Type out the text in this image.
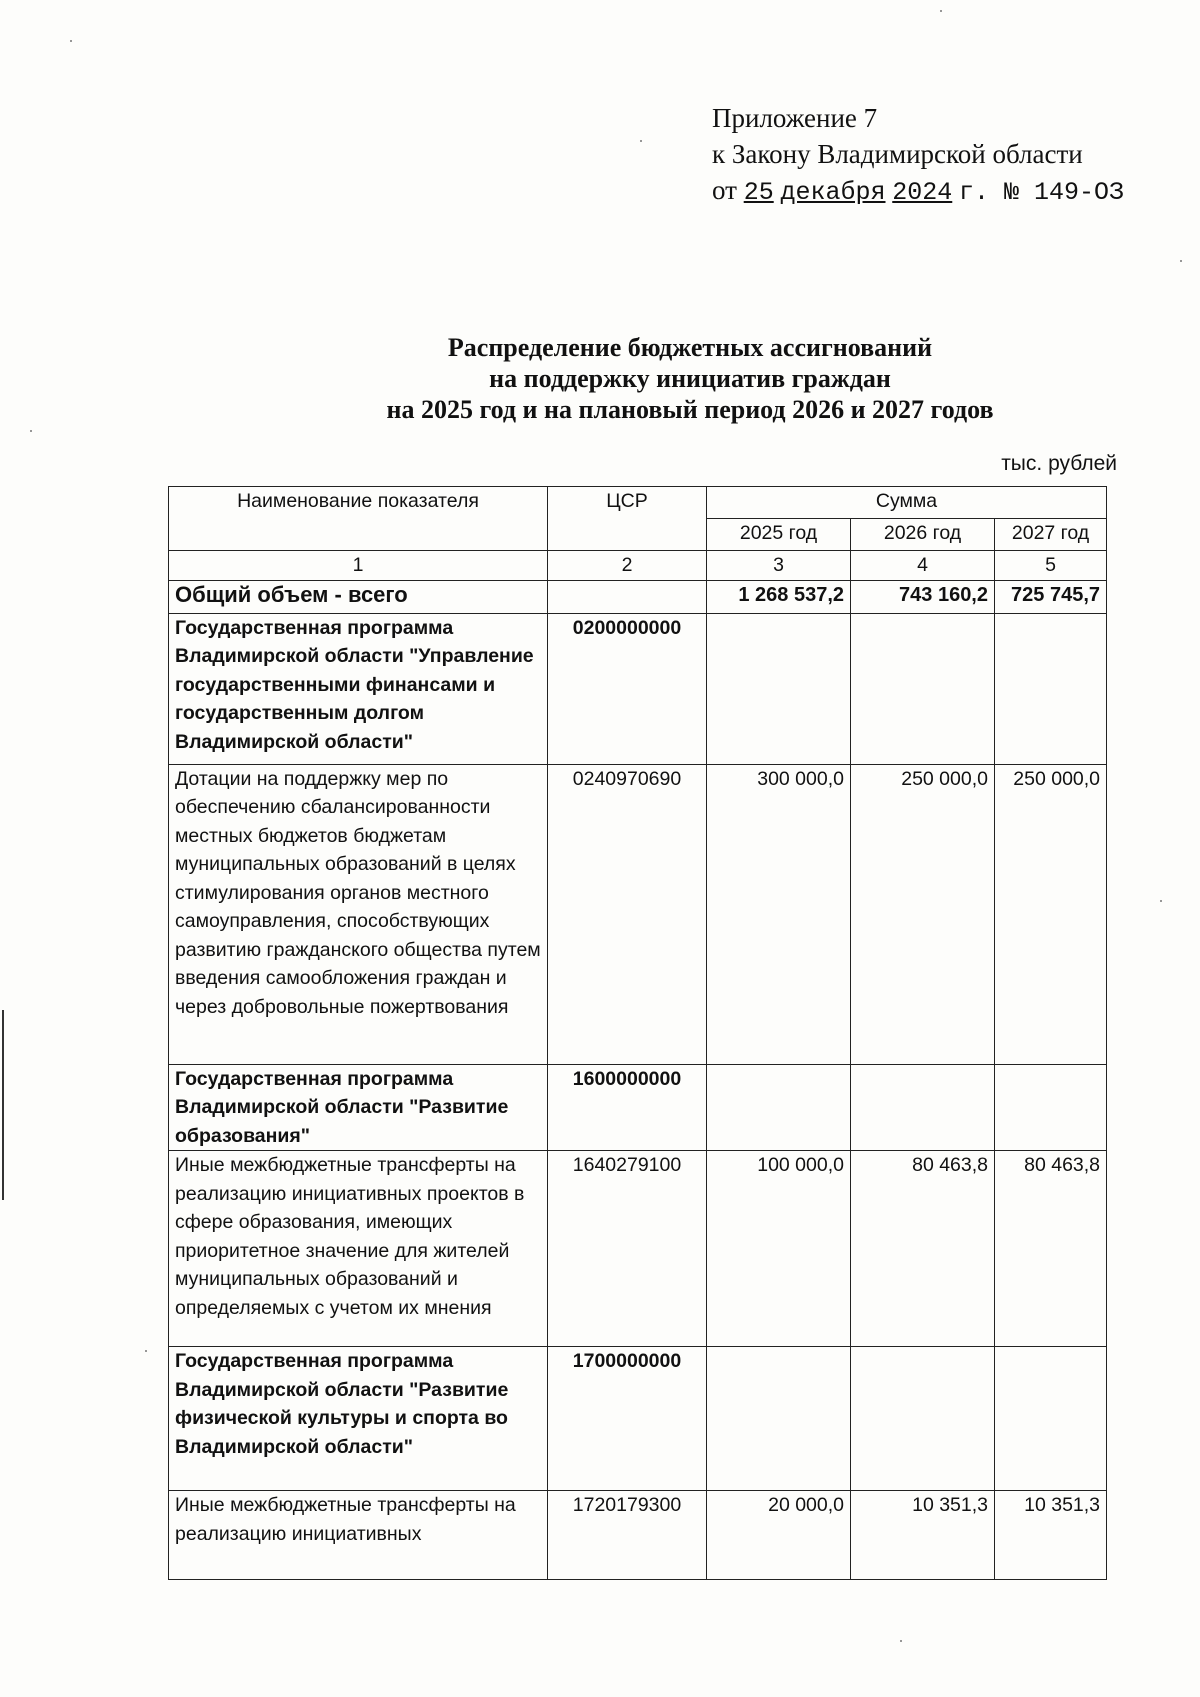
Приложение 7
к Закону Владимирской области
от 25 декабря 2024 г. № 149-ОЗ
Распределение бюджетных ассигнований
на поддержку инициатив граждан
на 2025 год и на плановый период 2026 и 2027 годов
тыс. рублей
Наименование показателя	ЦСР	Сумма		
		2025 год	2026 год	2027 год
1	2	3	4	5
Общий объем - всего		1 268 537,2	743 160,2	725 745,7
Государственная программа Владимирской области "Управление государственными финансами и государственным долгом Владимирской области"	0200000000			
Дотации на поддержку мер по обеспечению сбалансированности местных бюджетов бюджетам муниципальных образований в целях стимулирования органов местного самоуправления, способствующих развитию гражданского общества путем введения самообложения граждан и через добровольные пожертвования	0240970690	300 000,0	250 000,0	250 000,0
Государственная программа Владимирской области "Развитие образования"	1600000000			
Иные межбюджетные трансферты на реализацию инициативных проектов в сфере образования, имеющих приоритетное значение для жителей муниципальных образований и определяемых с учетом их мнения	1640279100	100 000,0	80 463,8	80 463,8
Государственная программа Владимирской области "Развитие физической культуры и спорта во Владимирской области"	1700000000			
Иные межбюджетные трансферты на реализацию инициативных	1720179300	20 000,0	10 351,3	10 351,3
